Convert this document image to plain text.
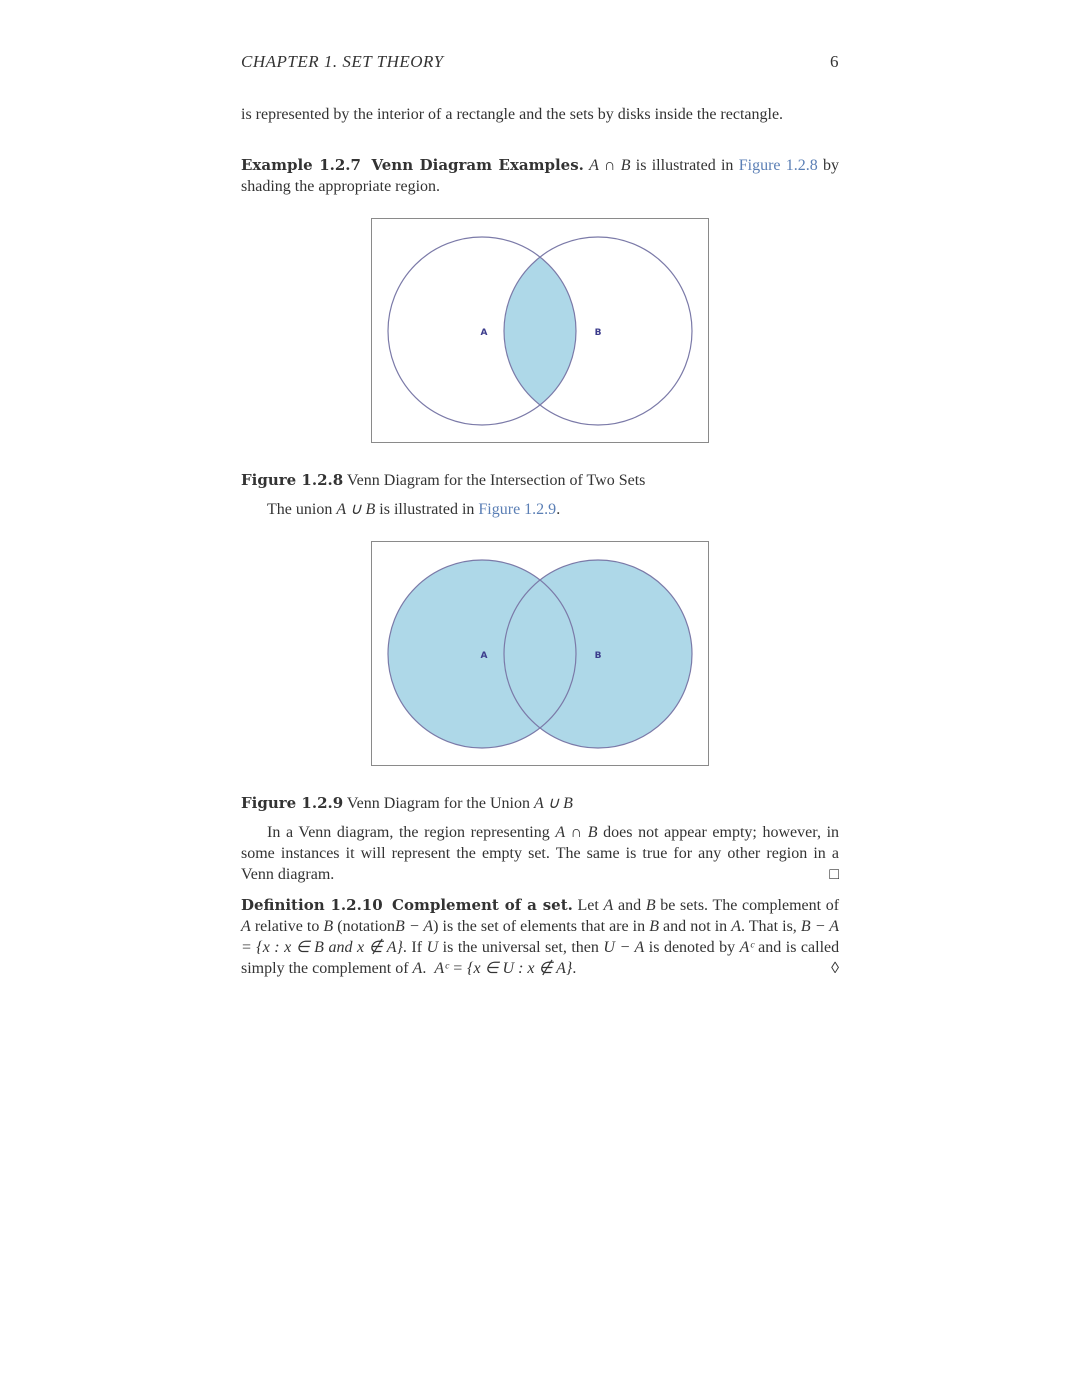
CHAPTER 1. SET THEORY	6
is represented by the interior of a rectangle and the sets by disks inside the rectangle.
Example 1.2.7 Venn Diagram Examples. A ∩ B is illustrated in Figure 1.2.8 by shading the appropriate region.
A	B
Figure 1.2.8 Venn Diagram for the Intersection of Two Sets
The union A ∪ B is illustrated in Figure 1.2.9.
A	B
Figure 1.2.9 Venn Diagram for the Union A ∪ B
In a Venn diagram, the region representing A ∩ B does not appear empty; however, in some instances it will represent the empty set. The same is true for any other region in a Venn diagram.	□
Definition 1.2.10 Complement of a set. Let A and B be sets. The complement of A relative to B (notationB − A) is the set of elements that are in B and not in A. That is, B − A = {x : x ∈ B and x ∉ A}. If U is the universal set, then U − A is denoted by Aᶜ and is called simply the complement of A.  Aᶜ = {x ∈ U : x ∉ A}.	◊
